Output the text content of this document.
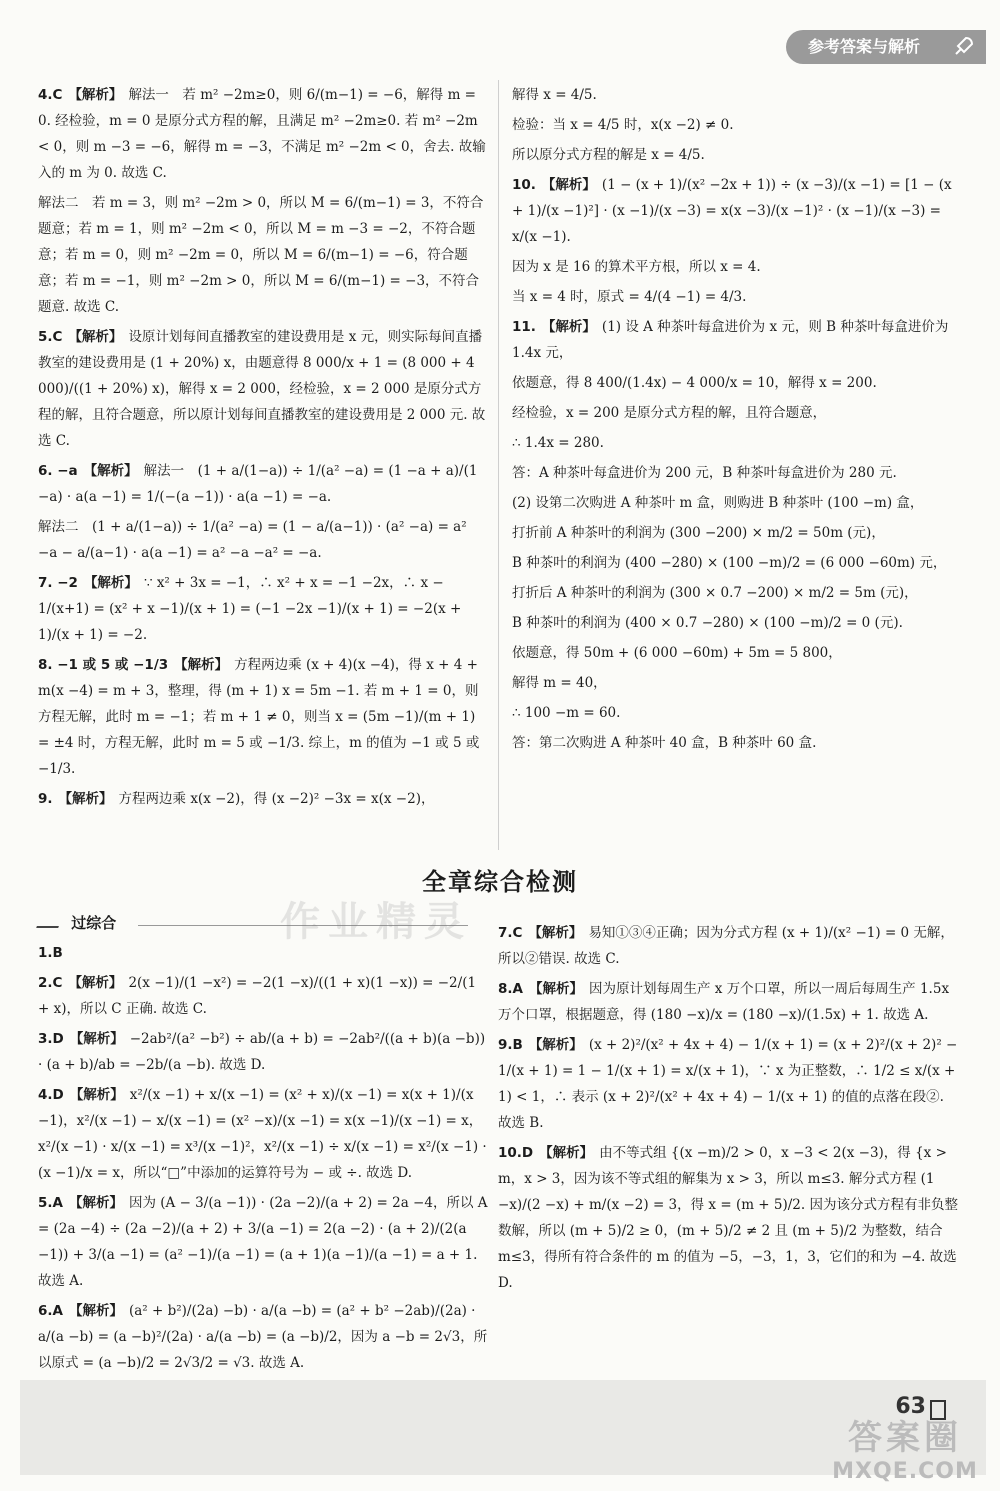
参考答案与解析

4.C 【解析】 解法一　若 m² −2m≥0，则 6/(m−1) = −6，解得 m = 0. 经检验，m = 0 是原分式方程的解，且满足 m² −2m≥0. 若 m² −2m < 0，则 m −3 = −6，解得 m = −3，不满足 m² −2m < 0，舍去. 故输入的 m 为 0. 故选 C.

解法二　若 m = 3，则 m² −2m > 0，所以 M = 6/(m−1) = 3，不符合题意；若 m = 1，则 m² −2m < 0，所以 M = m −3 = −2，不符合题意；若 m = 0，则 m² −2m = 0，所以 M = 6/(m−1) = −6，符合题意；若 m = −1，则 m² −2m > 0，所以 M = 6/(m−1) = −3，不符合题意. 故选 C.

5.C 【解析】 设原计划每间直播教室的建设费用是 x 元，则实际每间直播教室的建设费用是 (1 + 20%) x，由题意得 8 000/x + 1 = (8 000 + 4 000)/((1 + 20%) x)，解得 x = 2 000，经检验，x = 2 000 是原分式方程的解，且符合题意，所以原计划每间直播教室的建设费用是 2 000 元. 故选 C.

6. −a 【解析】 解法一　(1 + a/(1−a)) ÷ 1/(a² −a) = (1 −a + a)/(1 −a) · a(a −1) = 1/(−(a −1)) · a(a −1) = −a.

解法二　(1 + a/(1−a)) ÷ 1/(a² −a) = (1 − a/(a−1)) · (a² −a) = a² −a − a/(a−1) · a(a −1) = a² −a −a² = −a.

7. −2 【解析】 ∵ x² + 3x = −1，∴ x² + x = −1 −2x，∴ x − 1/(x+1) = (x² + x −1)/(x + 1) = (−1 −2x −1)/(x + 1) = −2(x + 1)/(x + 1) = −2.

8. −1 或 5 或 −1/3 【解析】 方程两边乘 (x + 4)(x −4)，得 x + 4 + m(x −4) = m + 3，整理，得 (m + 1) x = 5m −1. 若 m + 1 = 0，则方程无解，此时 m = −1；若 m + 1 ≠ 0，则当 x = (5m −1)/(m + 1) = ±4 时，方程无解，此时 m = 5 或 −1/3. 综上，m 的值为 −1 或 5 或 −1/3.

9. 【解析】 方程两边乘 x(x −2)，得 (x −2)² −3x = x(x −2)，

解得 x = 4/5.

检验：当 x = 4/5 时，x(x −2) ≠ 0.

所以原分式方程的解是 x = 4/5.

10. 【解析】 (1 − (x + 1)/(x² −2x + 1)) ÷ (x −3)/(x −1) = [1 − (x + 1)/(x −1)²] · (x −1)/(x −3) = x(x −3)/(x −1)² · (x −1)/(x −3) = x/(x −1).

因为 x 是 16 的算术平方根，所以 x = 4.

当 x = 4 时，原式 = 4/(4 −1) = 4/3.

11. 【解析】 (1) 设 A 种茶叶每盒进价为 x 元，则 B 种茶叶每盒进价为 1.4x 元，

依题意，得 8 400/(1.4x) − 4 000/x = 10，解得 x = 200.

经检验，x = 200 是原分式方程的解，且符合题意，

∴ 1.4x = 280.

答：A 种茶叶每盒进价为 200 元，B 种茶叶每盒进价为 280 元.

(2) 设第二次购进 A 种茶叶 m 盒，则购进 B 种茶叶 (100 −m) 盒，

打折前 A 种茶叶的利润为 (300 −200) × m/2 = 50m (元)，

B 种茶叶的利润为 (400 −280) × (100 −m)/2 = (6 000 −60m) 元，

打折后 A 种茶叶的利润为 (300 × 0.7 −200) × m/2 = 5m (元)，

B 种茶叶的利润为 (400 × 0.7 −280) × (100 −m)/2 = 0 (元).

依题意，得 50m + (6 000 −60m) + 5m = 5 800，

解得 m = 40，

∴ 100 −m = 60.

答：第二次购进 A 种茶叶 40 盒，B 种茶叶 60 盒.

全章综合检测
过综合

1.B

2.C 【解析】 2(x −1)/(1 −x²) = −2(1 −x)/((1 + x)(1 −x)) = −2/(1 + x)，所以 C 正确. 故选 C.

3.D 【解析】 −2ab²/(a² −b²) ÷ ab/(a + b) = −2ab²/((a + b)(a −b)) · (a + b)/ab = −2b/(a −b). 故选 D.

4.D 【解析】 x²/(x −1) + x/(x −1) = (x² + x)/(x −1) = x(x + 1)/(x −1)，x²/(x −1) − x/(x −1) = (x² −x)/(x −1) = x(x −1)/(x −1) = x，x²/(x −1) · x/(x −1) = x³/(x −1)²，x²/(x −1) ÷ x/(x −1) = x²/(x −1) · (x −1)/x = x，所以“□”中添加的运算符号为 − 或 ÷. 故选 D.

5.A 【解析】 因为 (A − 3/(a −1)) · (2a −2)/(a + 2) = 2a −4，所以 A = (2a −4) ÷ (2a −2)/(a + 2) + 3/(a −1) = 2(a −2) · (a + 2)/(2(a −1)) + 3/(a −1) = (a² −1)/(a −1) = (a + 1)(a −1)/(a −1) = a + 1. 故选 A.

6.A 【解析】 (a² + b²)/(2a) −b) · a/(a −b) = (a² + b² −2ab)/(2a) · a/(a −b) = (a −b)²/(2a) · a/(a −b) = (a −b)/2，因为 a −b = 2√3，所以原式 = (a −b)/2 = 2√3/2 = √3. 故选 A.

7.C 【解析】 易知①③④正确；因为分式方程 (x + 1)/(x² −1) = 0 无解，所以②错误. 故选 C.

8.A 【解析】 因为原计划每周生产 x 万个口罩，所以一周后每周生产 1.5x 万个口罩，根据题意，得 (180 −x)/x = (180 −x)/(1.5x) + 1. 故选 A.

9.B 【解析】 (x + 2)²/(x² + 4x + 4) − 1/(x + 1) = (x + 2)²/(x + 2)² − 1/(x + 1) = 1 − 1/(x + 1) = x/(x + 1)，∵ x 为正整数，∴ 1/2 ≤ x/(x + 1) < 1，∴ 表示 (x + 2)²/(x² + 4x + 4) − 1/(x + 1) 的值的点落在段②. 故选 B.

10.D 【解析】 由不等式组 {(x −m)/2 > 0，x −3 < 2(x −3)，得 {x > m，x > 3，因为该不等式组的解集为 x > 3，所以 m≤3. 解分式方程 (1 −x)/(2 −x) + m/(x −2) = 3，得 x = (m + 5)/2. 因为该分式方程有非负整数解，所以 (m + 5)/2 ≥ 0，(m + 5)/2 ≠ 2 且 (m + 5)/2 为整数，结合 m≤3，得所有符合条件的 m 的值为 −5，−3，1，3，它们的和为 −4. 故选 D.

作业精灵
63
答案圈
MXQE.COM
